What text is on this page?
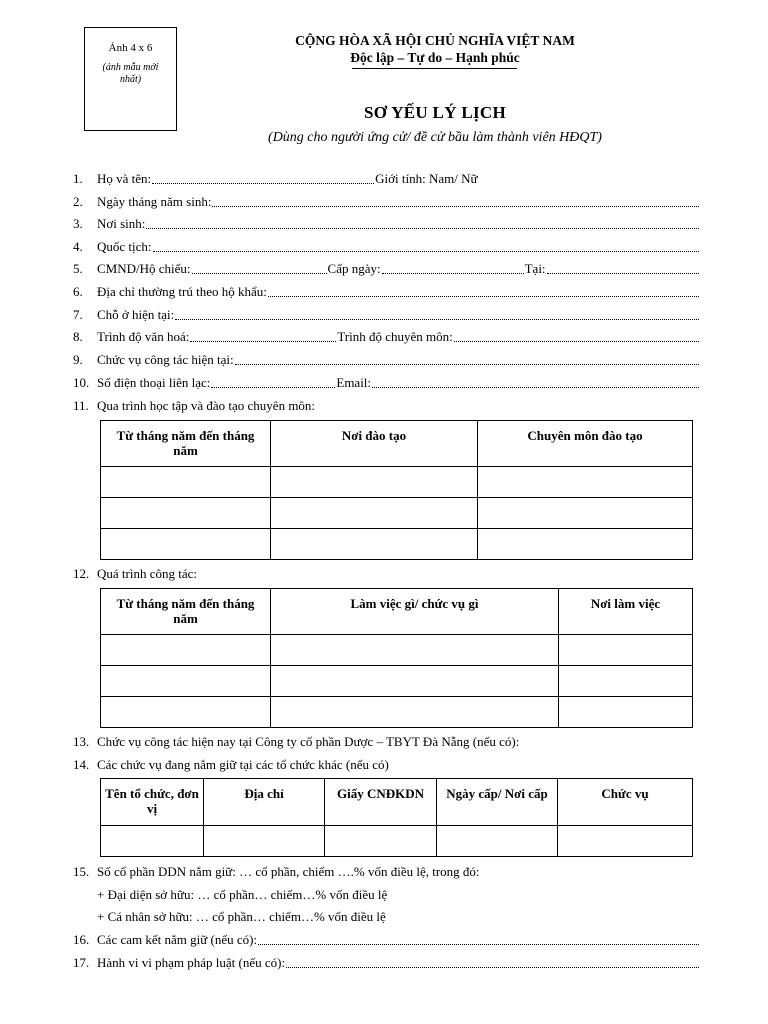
Ảnh 4 x 6
(ảnh mẫu mới nhất)
CỘNG HÒA XÃ HỘI CHỦ NGHĨA VIỆT NAM
Độc lập – Tự do – Hạnh phúc
SƠ YẾU LÝ LỊCH
(Dùng cho người ứng cử/ đề cử bầu làm thành viên HĐQT)
1.	Họ và tên:	Giới tính: Nam/ Nữ
2.	Ngày tháng năm sinh:
3.	Nơi sinh:
4.	Quốc tịch:
5.	CMND/Hộ chiếu:	Cấp ngày:	Tại:
6.	Địa chỉ thường trú theo hộ khẩu:
7.	Chỗ ở hiện tại:
8.	Trình độ văn hoá:	Trình độ chuyên môn:
9.	Chức vụ công tác hiện tại:
10. Số điện thoại liên lạc:	Email:
11. Qua trình học tập và đào tạo chuyên môn:
Từ tháng năm đến tháng năm	Nơi đào tạo	Chuyên môn đào tạo

12. Quá trình công tác:
Từ tháng năm đến tháng năm	Làm việc gì/ chức vụ gì	Nơi làm việc

13. Chức vụ công tác hiện nay tại Công ty cổ phần Dược – TBYT Đà Nẵng (nếu có):
14. Các chức vụ đang nắm giữ tại các tổ chức khác (nếu có)
Tên tổ chức, đơn vị	Địa chỉ	Giấy CNĐKDN	Ngày cấp/ Nơi cấp	Chức vụ

15. Số cổ phần DDN nắm giữ: … cổ phần, chiếm ….% vốn điều lệ, trong đó:
+ Đại diện sở hữu: … cổ phần… chiếm…% vốn điều lệ
+ Cá nhân sở hữu: … cổ phần… chiếm…% vốn điều lệ
16. Các cam kết nắm giữ (nếu có):
17. Hành vi vi phạm pháp luật (nếu có):
